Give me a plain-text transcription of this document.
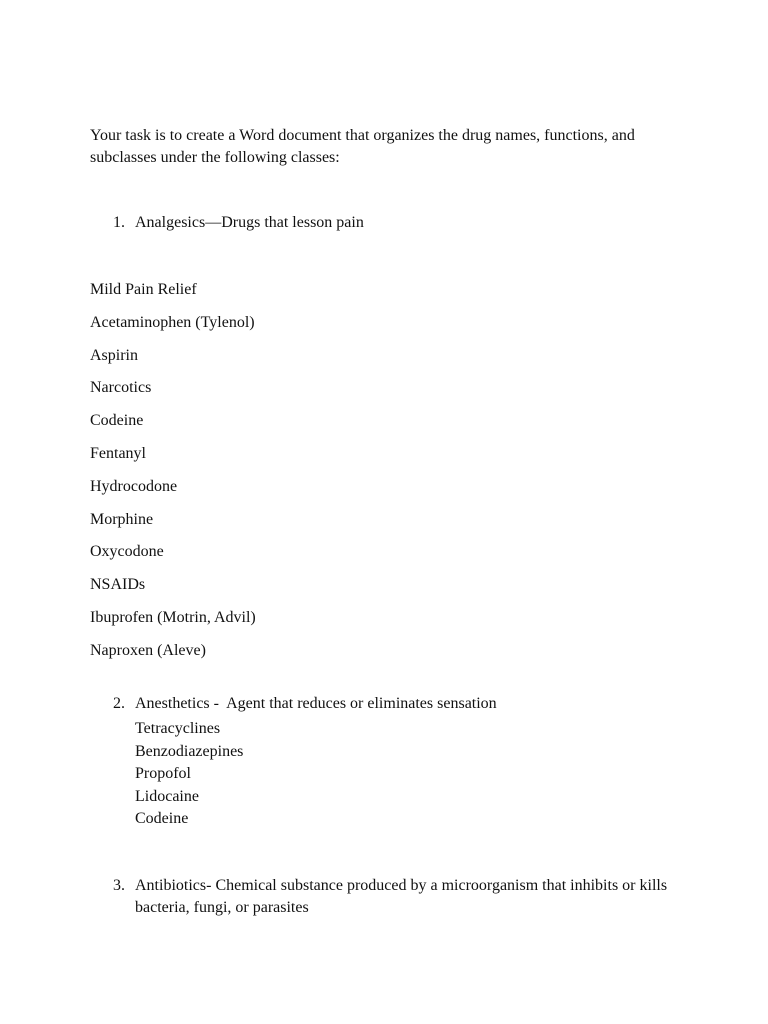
Your task is to create a Word document that organizes the drug names, functions, and subclasses under the following classes:

1. Analgesics—Drugs that lesson pain

Mild Pain Relief
Acetaminophen (Tylenol)
Aspirin
Narcotics
Codeine
Fentanyl
Hydrocodone
Morphine
Oxycodone
NSAIDs
Ibuprofen (Motrin, Advil)
Naproxen (Aleve)

2. Anesthetics -  Agent that reduces or eliminates sensation

Tetracyclines
Benzodiazepines
Propofol
Lidocaine
Codeine
3. Antibiotics- Chemical substance produced by a microorganism that inhibits or kills bacteria, fungi, or parasites
